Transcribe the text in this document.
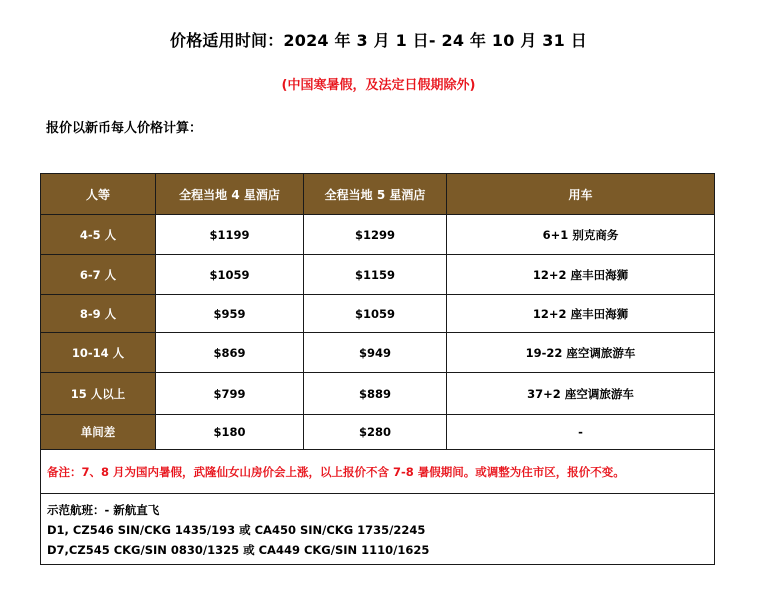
价格适用时间：2024 年 3 月 1 日- 24 年 10 月 31 日
(中国寒暑假，及法定日假期除外)
报价以新币每人价格计算：
人等	全程当地 4 星酒店	全程当地 5 星酒店	用车
4-5 人	$1199	$1299	6+1 别克商务
6-7 人	$1059	$1159	12+2 座丰田海狮
8-9 人	$959	$1059	12+2 座丰田海狮
10-14 人	$869	$949	19-22 座空调旅游车
15 人以上	$799	$889	37+2 座空调旅游车
单间差	$180	$280	-
备注：7、8 月为国内暑假，武隆仙女山房价会上涨，以上报价不含 7-8 暑假期间。或调整为住市区，报价不变。			

示范航班：- 新航直飞
D1, CZ546 SIN/CKG 1435/193 或 CA450 SIN/CKG 1735/2245
D7,CZ545 CKG/SIN 0830/1325 或 CA449 CKG/SIN 1110/1625			
